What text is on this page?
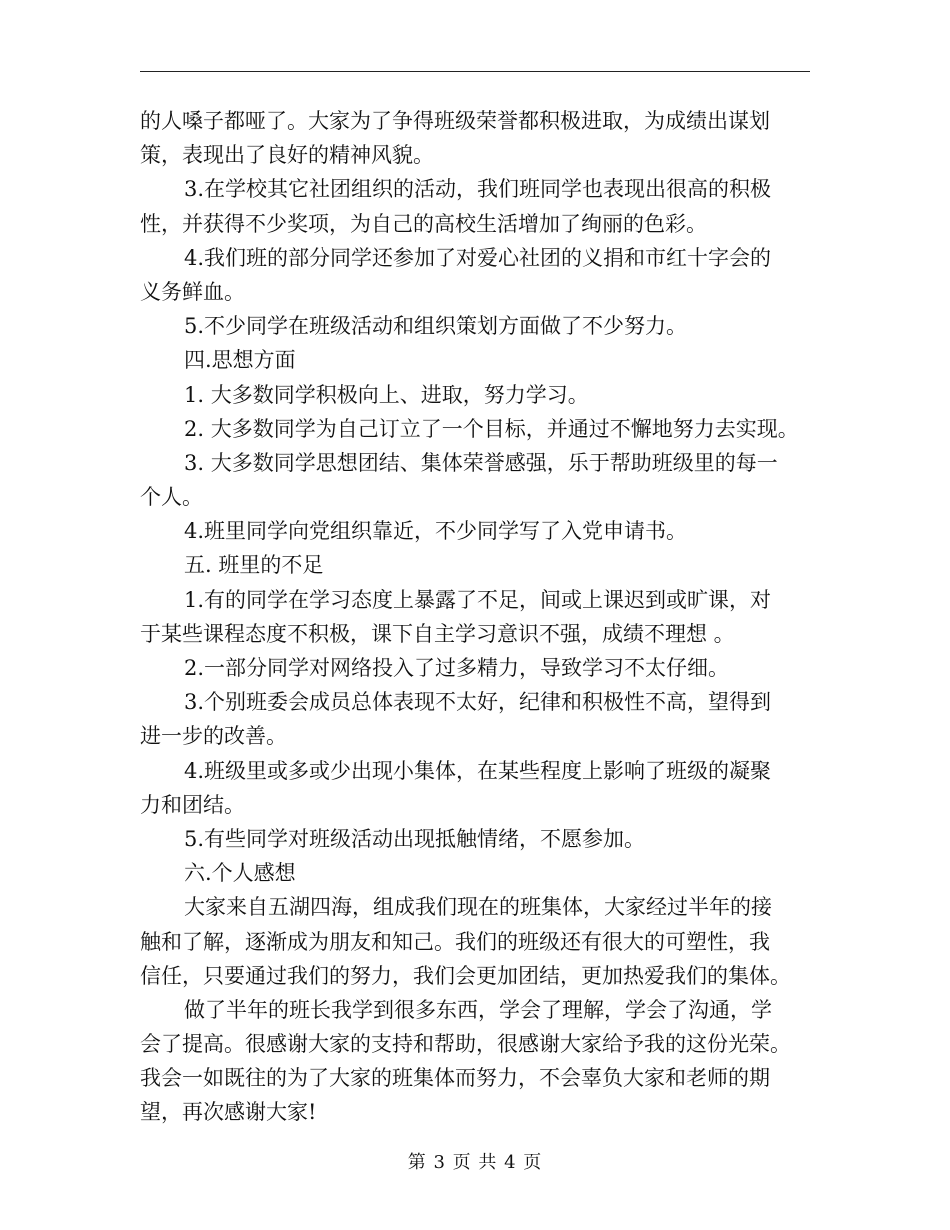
的人嗓子都哑了。大家为了争得班级荣誉都积极进取，为成绩出谋划
策，表现出了良好的精神风貌。
3.在学校其它社团组织的活动，我们班同学也表现出很高的积极
性，并获得不少奖项，为自己的高校生活增加了绚丽的色彩。
4.我们班的部分同学还参加了对爱心社团的义捐和市红十字会的
义务鲜血。
5.不少同学在班级活动和组织策划方面做了不少努力。
四.思想方面
1. 大多数同学积极向上、进取，努力学习。
2. 大多数同学为自己订立了一个目标，并通过不懈地努力去实现。
3. 大多数同学思想团结、集体荣誉感强，乐于帮助班级里的每一
个人。
4.班里同学向党组织靠近，不少同学写了入党申请书。
五. 班里的不足
1.有的同学在学习态度上暴露了不足，间或上课迟到或旷课，对
于某些课程态度不积极，课下自主学习意识不强，成绩不理想 。
2.一部分同学对网络投入了过多精力，导致学习不太仔细。
3.个别班委会成员总体表现不太好，纪律和积极性不高，望得到
进一步的改善。
4.班级里或多或少出现小集体，在某些程度上影响了班级的凝聚
力和团结。
5.有些同学对班级活动出现抵触情绪，不愿参加。
六.个人感想
大家来自五湖四海，组成我们现在的班集体，大家经过半年的接
触和了解，逐渐成为朋友和知己。我们的班级还有很大的可塑性，我
信任，只要通过我们的努力，我们会更加团结，更加热爱我们的集体。
做了半年的班长我学到很多东西，学会了理解，学会了沟通，学
会了提高。很感谢大家的支持和帮助，很感谢大家给予我的这份光荣。
我会一如既往的为了大家的班集体而努力，不会辜负大家和老师的期
望，再次感谢大家!
第 3 页 共 4 页
